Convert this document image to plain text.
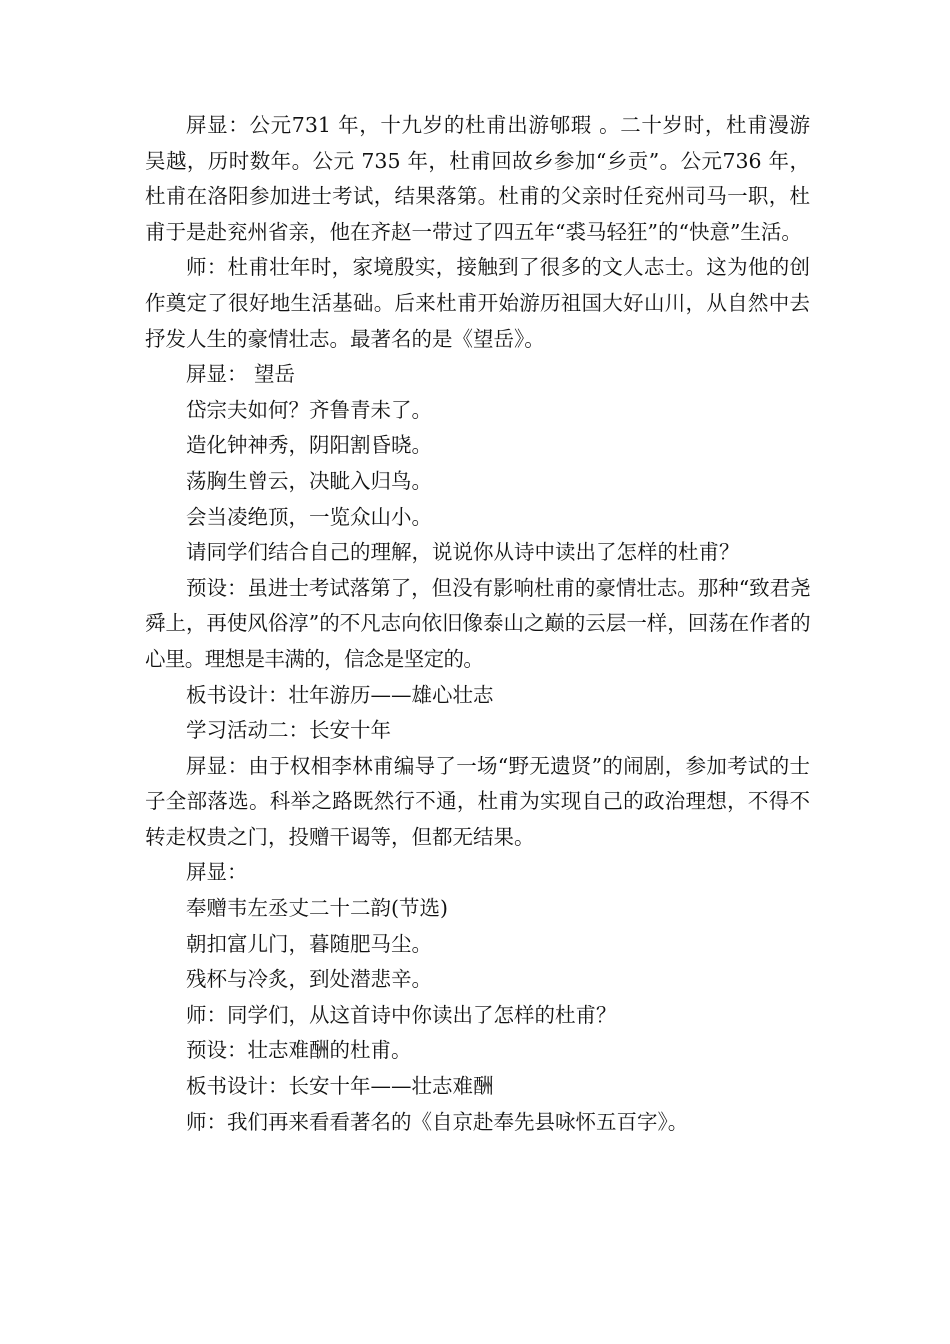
屏显：公元731 年，十九岁的杜甫出游郇瑕 。二十岁时，杜甫漫游吴越，历时数年。公元 735 年，杜甫回故乡参加“乡贡”。公元736 年，杜甫在洛阳参加进士考试，结果落第。杜甫的父亲时任兖州司马一职，杜甫于是赴兖州省亲，他在齐赵一带过了四五年“裘马轻狂”的“快意”生活。

师：杜甫壮年时，家境殷实，接触到了很多的文人志士。这为他的创作奠定了很好地生活基础。后来杜甫开始游历祖国大好山川，从自然中去抒发人生的豪情壮志。最著名的是《望岳》。

屏显： 望岳

岱宗夫如何？齐鲁青未了。

造化钟神秀，阴阳割昏晓。

荡胸生曾云，决眦入归鸟。

会当凌绝顶，一览众山小。

请同学们结合自己的理解，说说你从诗中读出了怎样的杜甫？

预设：虽进士考试落第了，但没有影响杜甫的豪情壮志。那种“致君尧舜上，再使风俗淳”的不凡志向依旧像泰山之巅的云层一样，回荡在作者的心里。理想是丰满的，信念是坚定的。

板书设计：壮年游历——雄心壮志

学习活动二：长安十年

屏显：由于权相李林甫编导了一场“野无遗贤”的闹剧，参加考试的士子全部落选。科举之路既然行不通，杜甫为实现自己的政治理想，不得不转走权贵之门，投赠干谒等，但都无结果。

屏显：

奉赠韦左丞丈二十二韵(节选)

朝扣富儿门，暮随肥马尘。

残杯与冷炙，到处潜悲辛。

师：同学们，从这首诗中你读出了怎样的杜甫？

预设：壮志难酬的杜甫。

板书设计：长安十年——壮志难酬

师：我们再来看看著名的《自京赴奉先县咏怀五百字》。
